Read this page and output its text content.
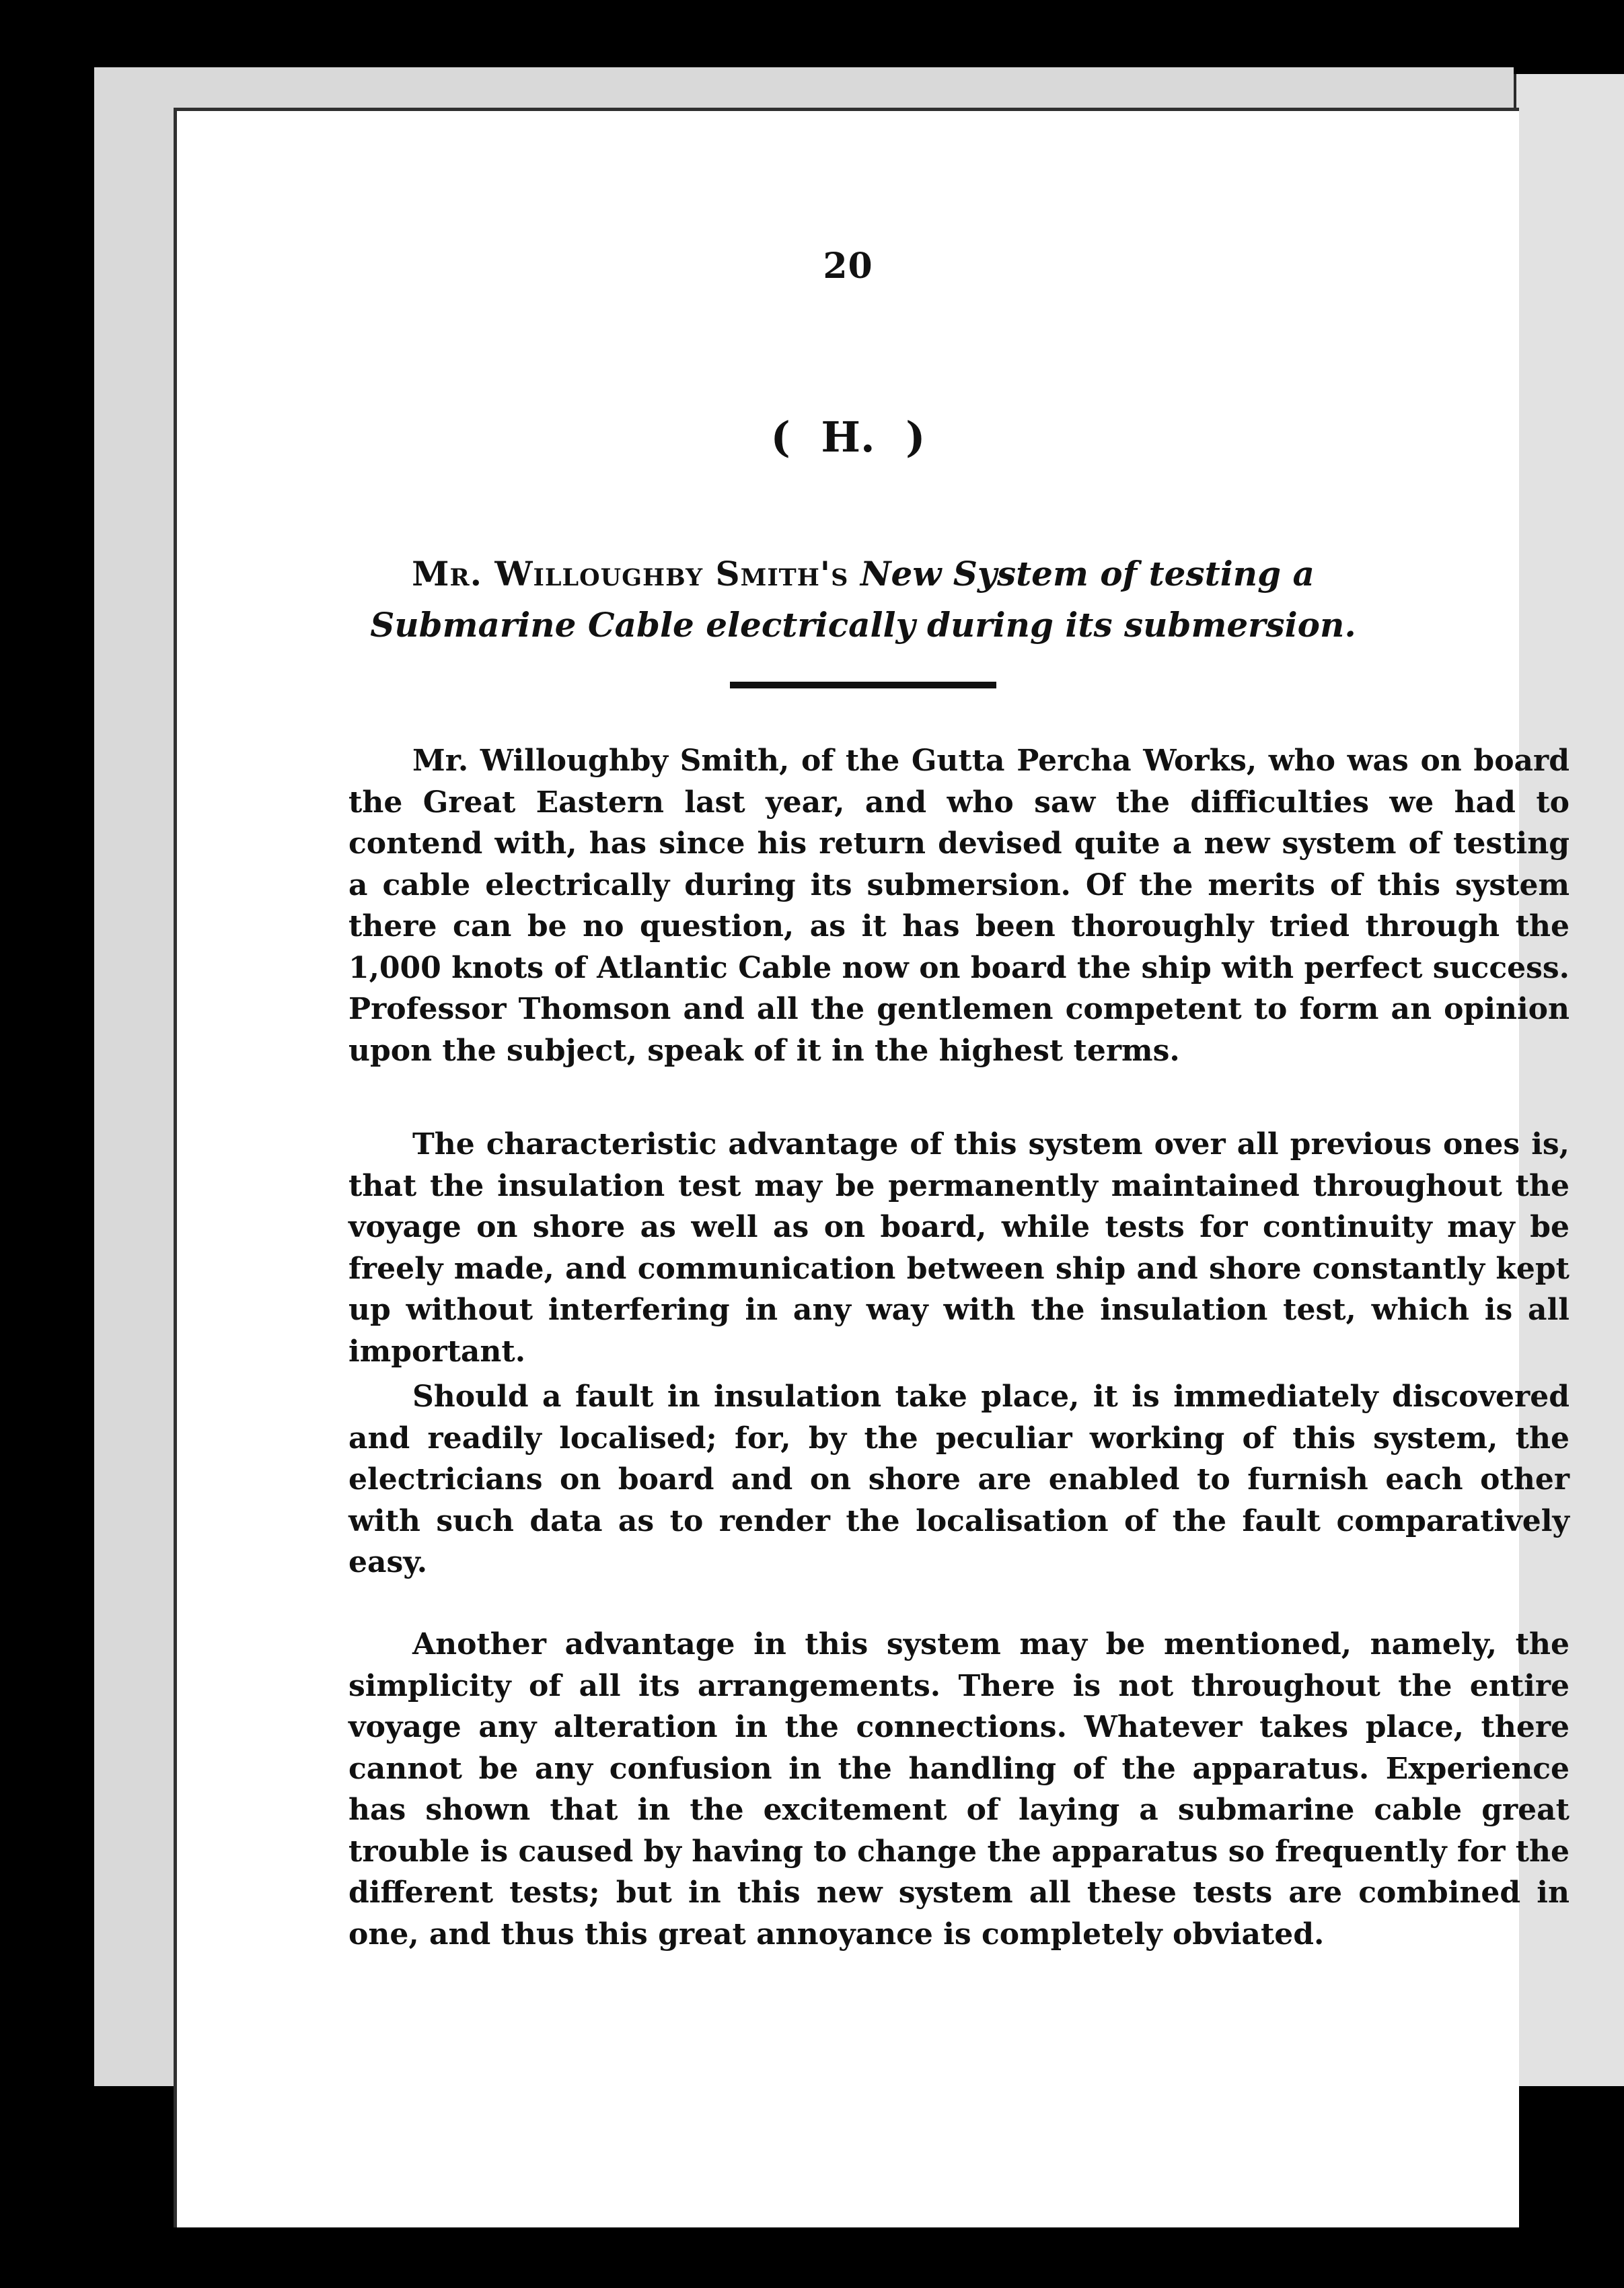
20
( H. )
Mr. Willoughby Smith's New System of testing a Submarine Cable electrically during its submersion.

Mr. Willoughby Smith, of the Gutta Percha Works, who was on board the Great Eastern last year, and who saw the difficulties we had to contend with, has since his return devised quite a new system of testing a cable electrically during its submersion. Of the merits of this system there can be no question, as it has been thoroughly tried through the 1,000 knots of Atlantic Cable now on board the ship with perfect success. Professor Thomson and all the gentlemen competent to form an opinion upon the subject, speak of it in the highest terms.

The characteristic advantage of this system over all previous ones is, that the insulation test may be permanently maintained throughout the voyage on shore as well as on board, while tests for continuity may be freely made, and communication between ship and shore constantly kept up without interfering in any way with the insulation test, which is all important.

Should a fault in insulation take place, it is immediately discovered and readily localised; for, by the peculiar working of this system, the electricians on board and on shore are enabled to furnish each other with such data as to render the localisation of the fault comparatively easy.

Another advantage in this system may be mentioned, namely, the simplicity of all its arrangements. There is not throughout the entire voyage any alteration in the connections. Whatever takes place, there cannot be any confusion in the handling of the apparatus. Experience has shown that in the excitement of laying a submarine cable great trouble is caused by having to change the apparatus so frequently for the different tests; but in this new system all these tests are combined in one, and thus this great annoyance is completely obviated.
